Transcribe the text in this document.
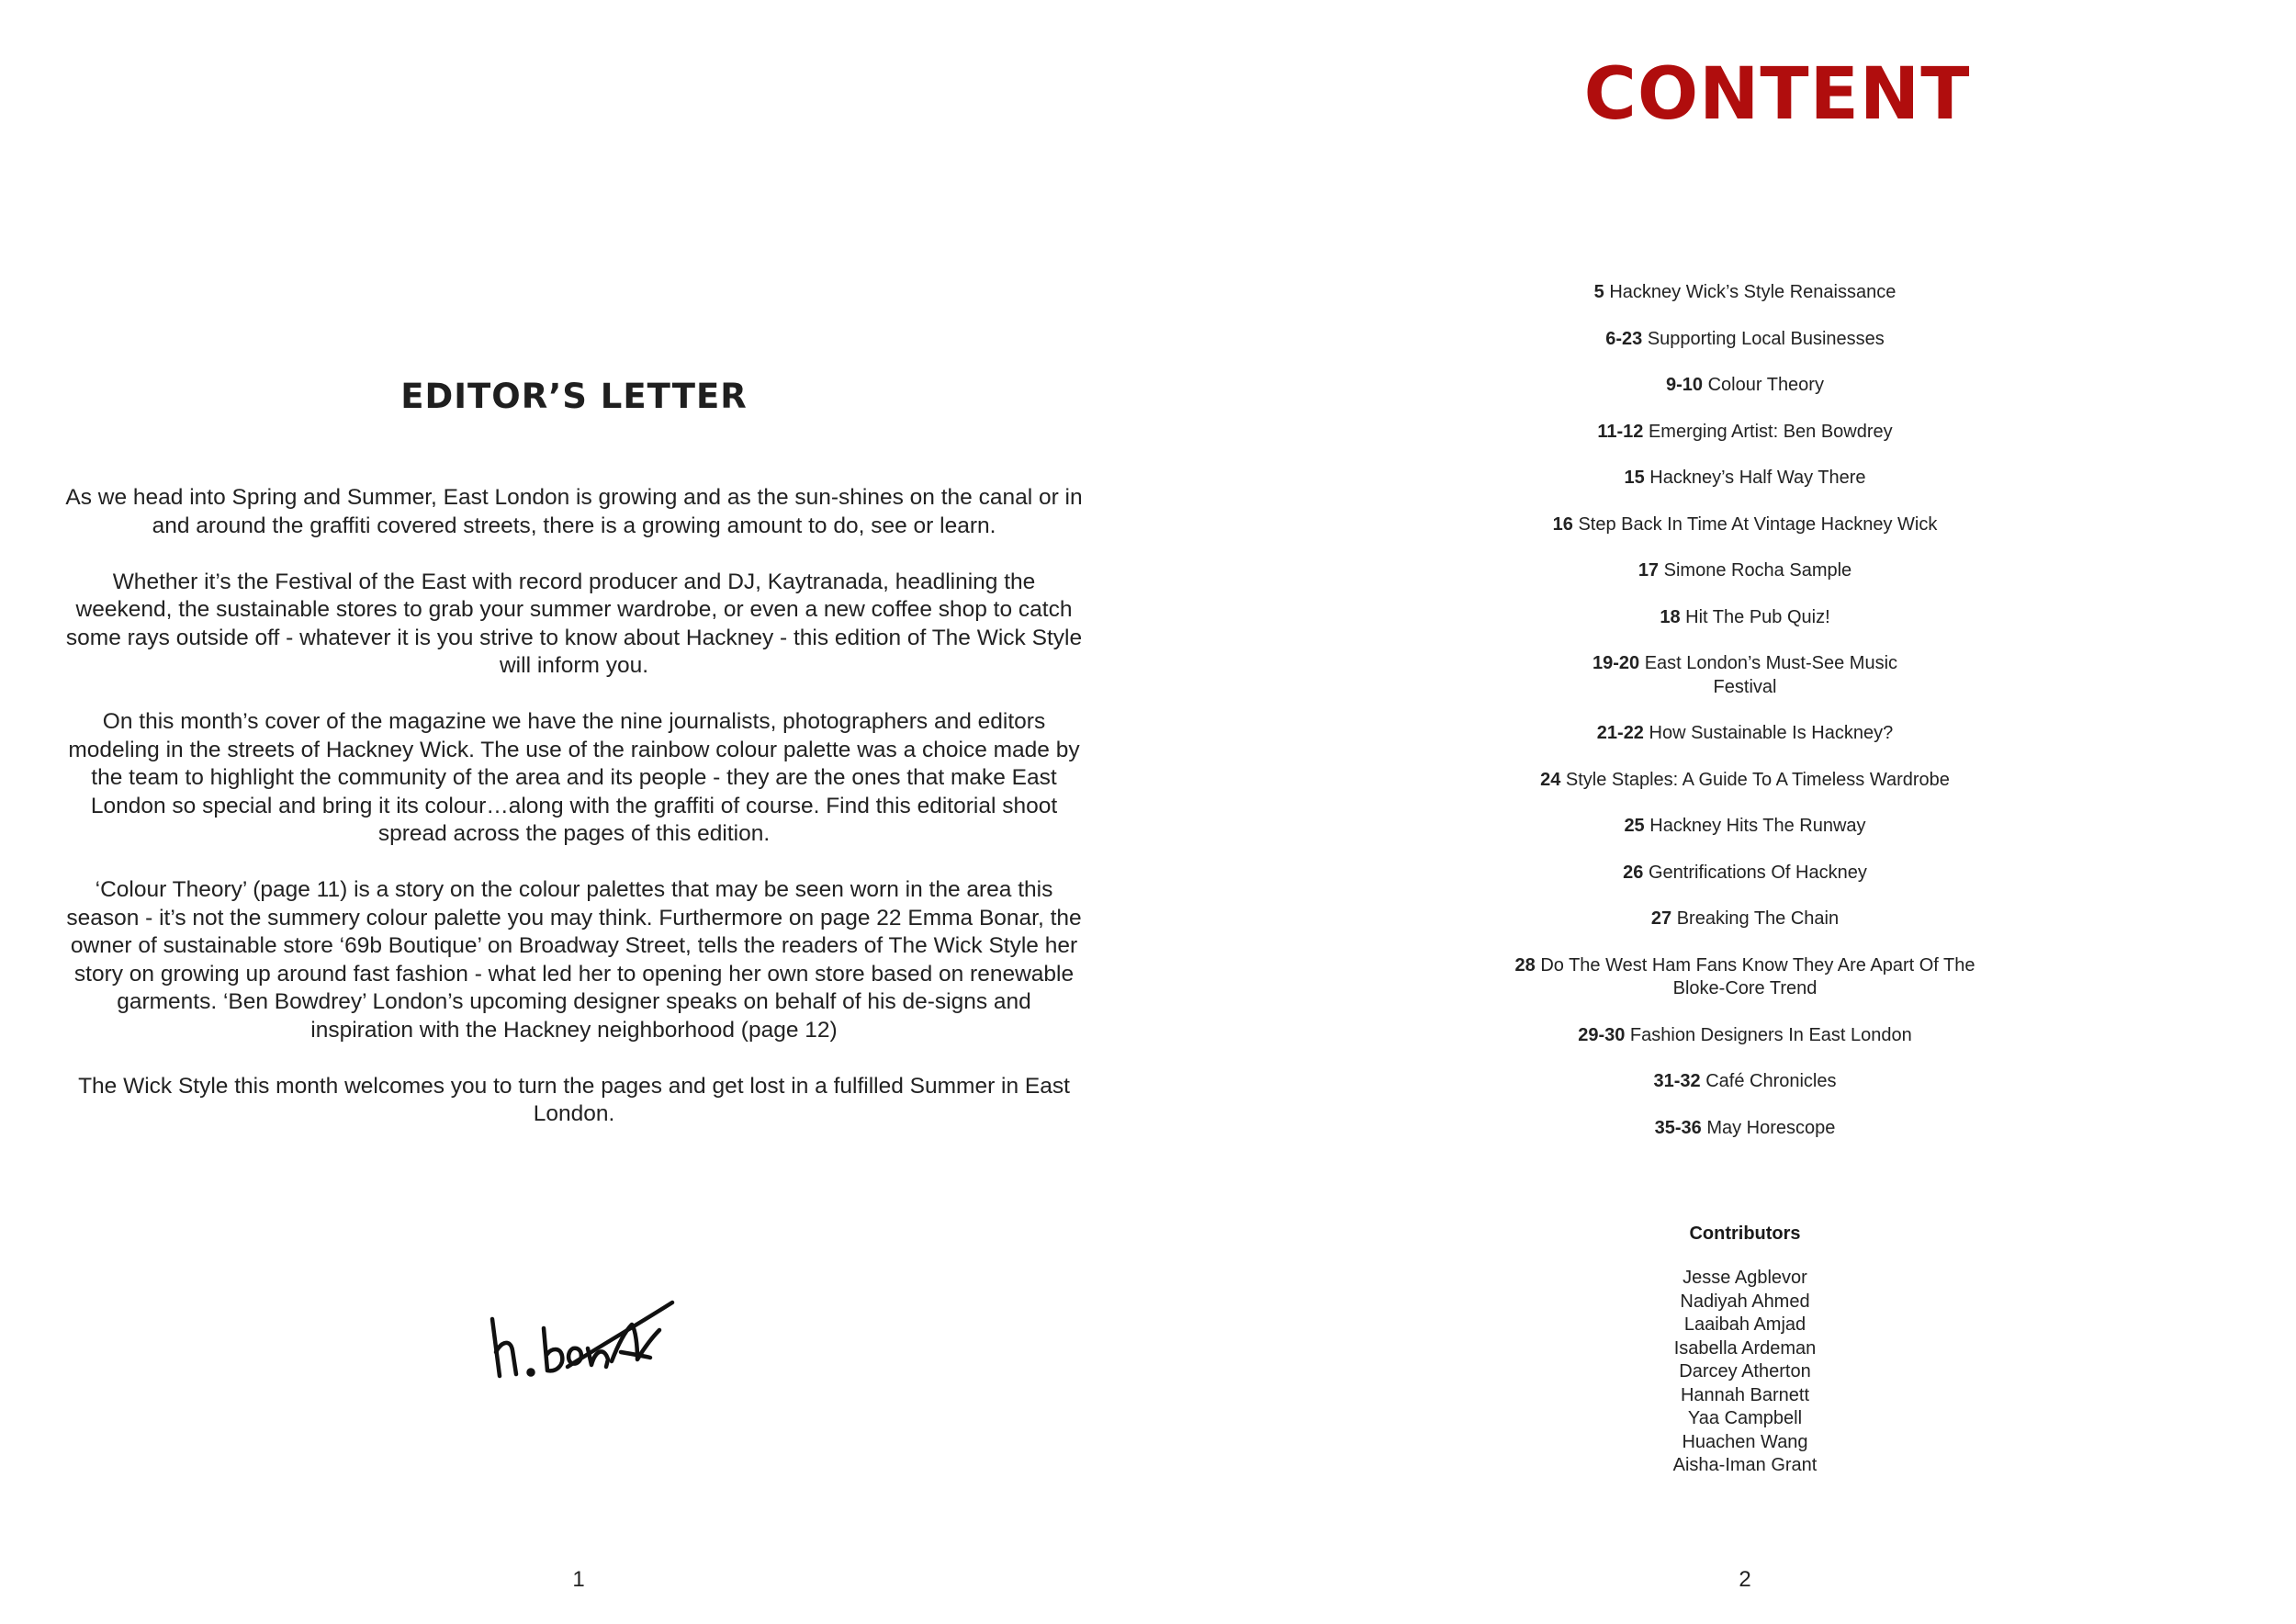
EDITOR’S LETTER

As we head into Spring and Summer, East London is growing and as the sun-shines on the canal or in and around the graffiti covered streets, there is a growing amount to do, see or learn.

Whether it’s the Festival of the East with record producer and DJ, Kaytranada, headlining the weekend, the sustainable stores to grab your summer wardrobe, or even a new coffee shop to catch some rays outside off - whatever it is you strive to know about Hackney - this edition of The Wick Style will inform you.

On this month’s cover of the magazine we have the nine journalists, photographers and editors modeling in the streets of Hackney Wick. The use of the rainbow colour palette was a choice made by the team to highlight the community of the area and its people - they are the ones that make East London so special and bring it its colour…along with the graffiti of course. Find this editorial shoot spread across the pages of this edition.

‘Colour Theory’ (page 11) is a story on the colour palettes that may be seen worn in the area this season - it’s not the summery colour palette you may think. Furthermore on page 22 Emma Bonar, the owner of sustainable store ‘69b Boutique’ on Broadway Street, tells the readers of The Wick Style her story on growing up around fast fashion - what led her to opening her own store based on renewable garments. ‘Ben Bowdrey’ London’s upcoming designer speaks on behalf of his de-signs and inspiration with the Hackney neighborhood (page 12)

The Wick Style this month welcomes you to turn the pages and get lost in a fulfilled Summer in East London.

1
CONTENT
5 Hackney Wick’s Style Renaissance
6-23 Supporting Local Businesses
9-10 Colour Theory
11-12 Emerging Artist: Ben Bowdrey
15 Hackney’s Half Way There
16 Step Back In Time At Vintage Hackney Wick
17 Simone Rocha Sample
18 Hit The Pub Quiz!
19-20 East London’s Must-See Music
Festival
21-22 How Sustainable Is Hackney?
24 Style Staples: A Guide To A Timeless Wardrobe
25 Hackney Hits The Runway
26 Gentrifications Of Hackney
27 Breaking The Chain
28 Do The West Ham Fans Know They Are Apart Of The
Bloke-Core Trend
29-30 Fashion Designers In East London
31-32 Café Chronicles
35-36 May Horescope
Contributors
Jesse Agblevor
Nadiyah Ahmed
Laaibah Amjad
Isabella Ardeman
Darcey Atherton
Hannah Barnett
Yaa Campbell
Huachen Wang
Aisha-Iman Grant
2
